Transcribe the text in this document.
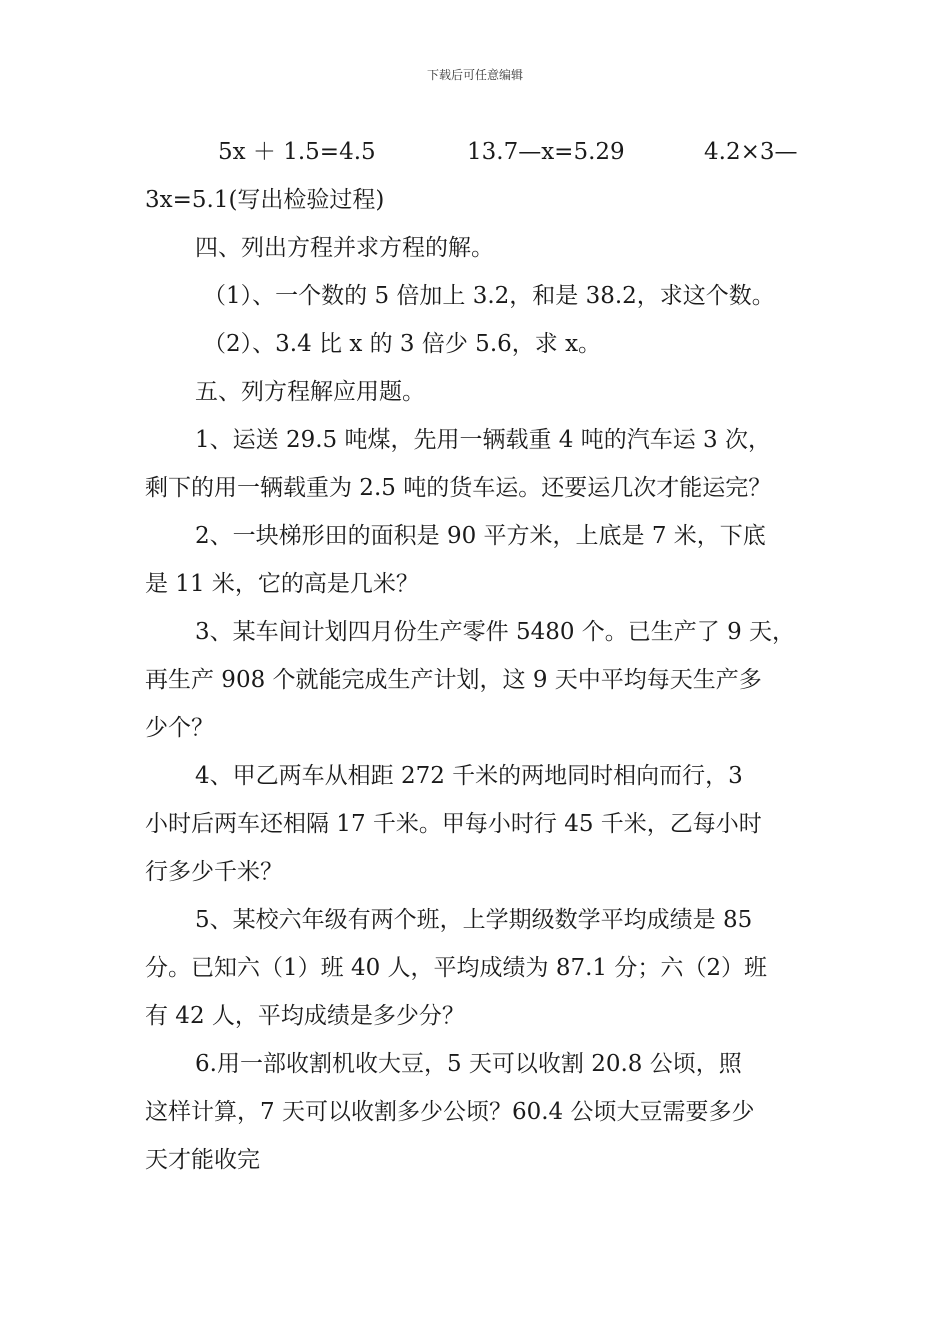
下载后可任意编辑
5x ＋ 1.5=4.5	13.7—x=5.29	4.2×3—
3x=5.1(写出检验过程)
四、列出方程并求方程的解。
（1）、一个数的 5 倍加上 3.2，和是 38.2，求这个数。
（2）、3.4 比 x 的 3 倍少 5.6，求 x。
五、列方程解应用题。
1、运送 29.5 吨煤，先用一辆载重 4 吨的汽车运 3 次，
剩下的用一辆载重为 2.5 吨的货车运。还要运几次才能运完？
2、一块梯形田的面积是 90 平方米，上底是 7 米，下底
是 11 米，它的高是几米？
3、某车间计划四月份生产零件 5480 个。已生产了 9 天，
再生产 908 个就能完成生产计划，这 9 天中平均每天生产多
少个？
4、甲乙两车从相距 272 千米的两地同时相向而行，3
小时后两车还相隔 17 千米。甲每小时行 45 千米，乙每小时
行多少千米？
5、某校六年级有两个班，上学期级数学平均成绩是 85
分。已知六（1）班 40 人，平均成绩为 87.1 分；六（2）班
有 42 人，平均成绩是多少分？
6.用一部收割机收大豆，5 天可以收割 20.8 公顷，照
这样计算，7 天可以收割多少公顷？60.4 公顷大豆需要多少
天才能收完
